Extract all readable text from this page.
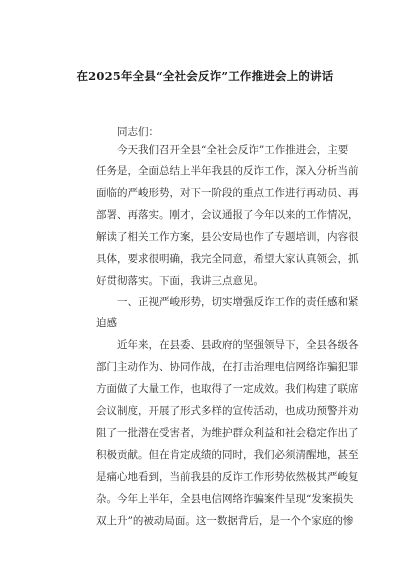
在2025年全县“全社会反诈”工作推进会上的讲话
同志们：
今天我们召开全县“全社会反诈”工作推进会，主要
任务是，全面总结上半年我县的反诈工作，深入分析当前
面临的严峻形势，对下一阶段的重点工作进行再动员、再
部署、再落实。刚才，会议通报了今年以来的工作情况，
解读了相关工作方案，县公安局也作了专题培训，内容很
具体，要求很明确，我完全同意，希望大家认真领会，抓
好贯彻落实。下面，我讲三点意见。
一、正视严峻形势，切实增强反诈工作的责任感和紧
迫感
近年来，在县委、县政府的坚强领导下，全县各级各
部门主动作为、协同作战，在打击治理电信网络诈骗犯罪
方面做了大量工作，也取得了一定成效。我们构建了联席
会议制度，开展了形式多样的宣传活动，也成功预警并劝
阻了一批潜在受害者，为维护群众利益和社会稳定作出了
积极贡献。但在肯定成绩的同时，我们必须清醒地，甚至
是痛心地看到，当前我县的反诈工作形势依然极其严峻复
杂。今年上半年，全县电信网络诈骗案件呈现“发案损失
双上升”的被动局面。这一数据背后，是一个个家庭的惨
